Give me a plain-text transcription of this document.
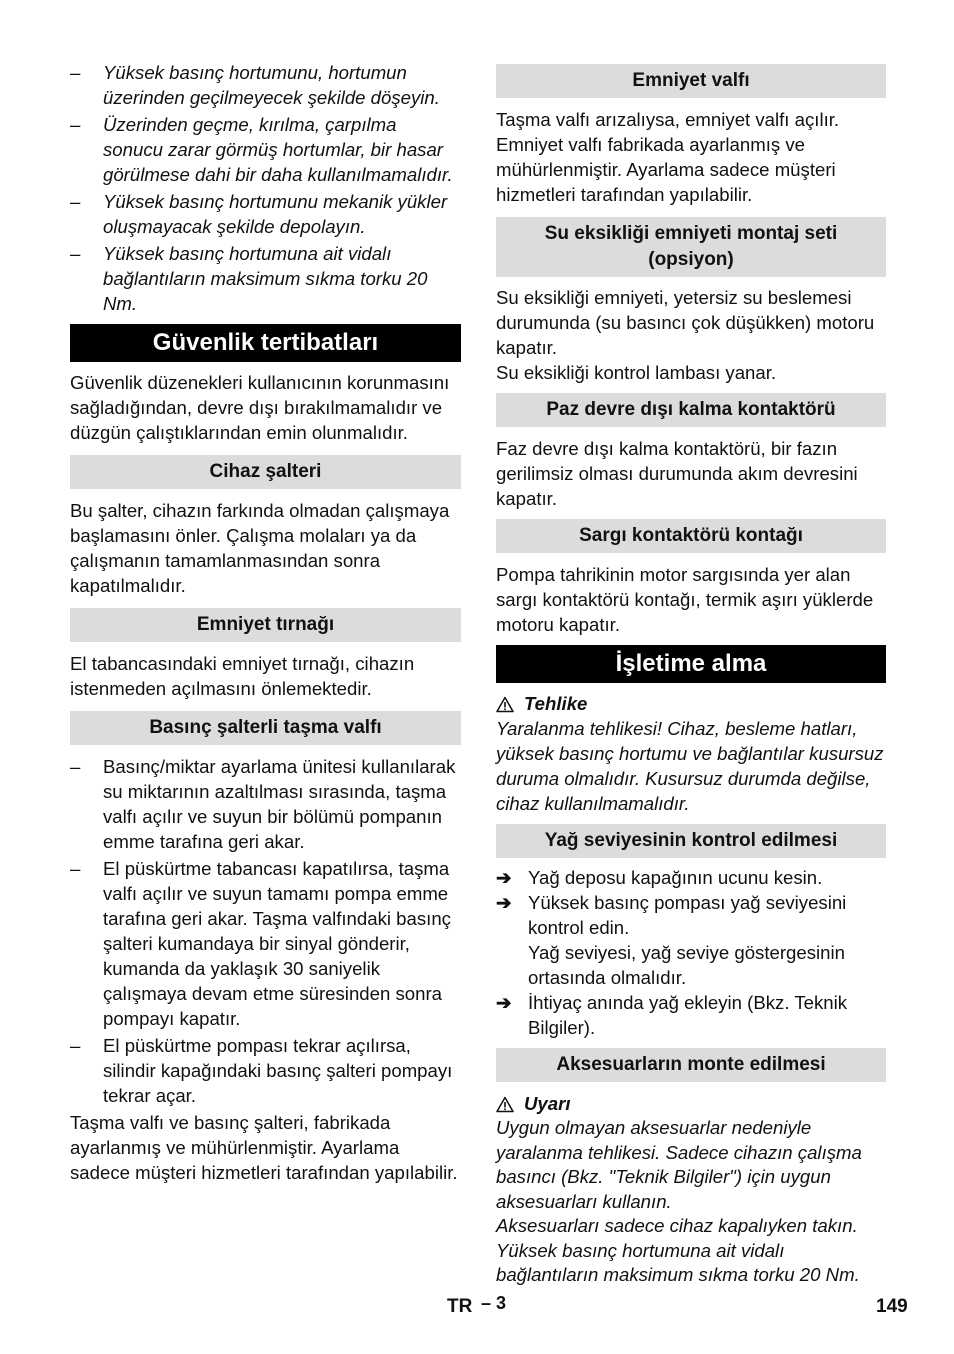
– Yüksek basınç hortumunu, hortumun üzerinden geçilmeyecek şekilde döşeyin.
– Üzerinden geçme, kırılma, çarpılma sonucu zarar görmüş hortumlar, bir hasar görülmese dahi bir daha kullanılmamalıdır.
– Yüksek basınç hortumunu mekanik yükler oluşmayacak şekilde depolayın.
– Yüksek basınç hortumuna ait vidalı bağlantıların maksimum sıkma torku 20 Nm.
Güvenlik tertibatları

Güvenlik düzenekleri kullanıcının korunmasını sağladığından, devre dışı bırakılmamalıdır ve düzgün çalıştıklarından emin olunmalıdır.

Cihaz şalteri

Bu şalter, cihazın farkında olmadan çalışmaya başlamasını önler. Çalışma molaları ya da çalışmanın tamamlanmasından sonra kapatılmalıdır.

Emniyet tırnağı

El tabancasındaki emniyet tırnağı, cihazın istenmeden açılmasını önlemektedir.

Basınç şalterli taşma valfı
– Basınç/miktar ayarlama ünitesi kullanılarak su miktarının azaltılması sırasında, taşma valfı açılır ve suyun bir bölümü pompanın emme tarafına geri akar.
– El püskürtme tabancası kapatılırsa, taşma valfı açılır ve suyun tamamı pompa emme tarafına geri akar. Taşma valfındaki basınç şalteri kumandaya bir sinyal gönderir, kumanda da yaklaşık 30 saniyelik çalışmaya devam etme süresinden sonra pompayı kapatır.
– El püskürtme pompası tekrar açılırsa, silindir kapağındaki basınç şalteri pompayı tekrar açar.

Taşma valfı ve basınç şalteri, fabrikada ayarlanmış ve mühürlenmiştir. Ayarlama sadece müşteri hizmetleri tarafından yapılabilir.

Emniyet valfı

Taşma valfı arızalıysa, emniyet valfı açılır. Emniyet valfı fabrikada ayarlanmış ve mühürlenmiştir. Ayarlama sadece müşteri hizmetleri tarafından yapılabilir.

Su eksikliği emniyeti montaj seti (opsiyon)

Su eksikliği emniyeti, yetersiz su beslemesi durumunda (su basıncı çok düşükken) motoru kapatır.

Su eksikliği kontrol lambası yanar.

Paz devre dışı kalma kontaktörü

Faz devre dışı kalma kontaktörü, bir fazın gerilimsiz olması durumunda akım devresini kapatır.

Sargı kontaktörü kontağı

Pompa tahrikinin motor sargısında yer alan sargı kontaktörü kontağı, termik aşırı yüklerde motoru kapatır.

İşletime alma

Tehlike

Yaralanma tehlikesi! Cihaz, besleme hatları, yüksek basınç hortumu ve bağlantılar kusursuz duruma olmalıdır. Kusursuz durumda değilse, cihaz kullanılmamalıdır.

Yağ seviyesinin kontrol edilmesi
➔ Yağ deposu kapağının ucunu kesin.
➔ Yüksek basınç pompası yağ seviyesini kontrol edin.
Yağ seviyesi, yağ seviye göstergesinin ortasında olmalıdır.
➔ İhtiyaç anında yağ ekleyin (Bkz. Teknik Bilgiler).
Aksesuarların monte edilmesi

Uyarı

Uygun olmayan aksesuarlar nedeniyle yaralanma tehlikesi. Sadece cihazın çalışma basıncı (Bkz. "Teknik Bilgiler") için uygun aksesuarları kullanın.

Aksesuarları sadece cihaz kapalıyken takın.

Yüksek basınç hortumuna ait vidalı bağlantıların maksimum sıkma torku 20 Nm.

TR – 3	149
